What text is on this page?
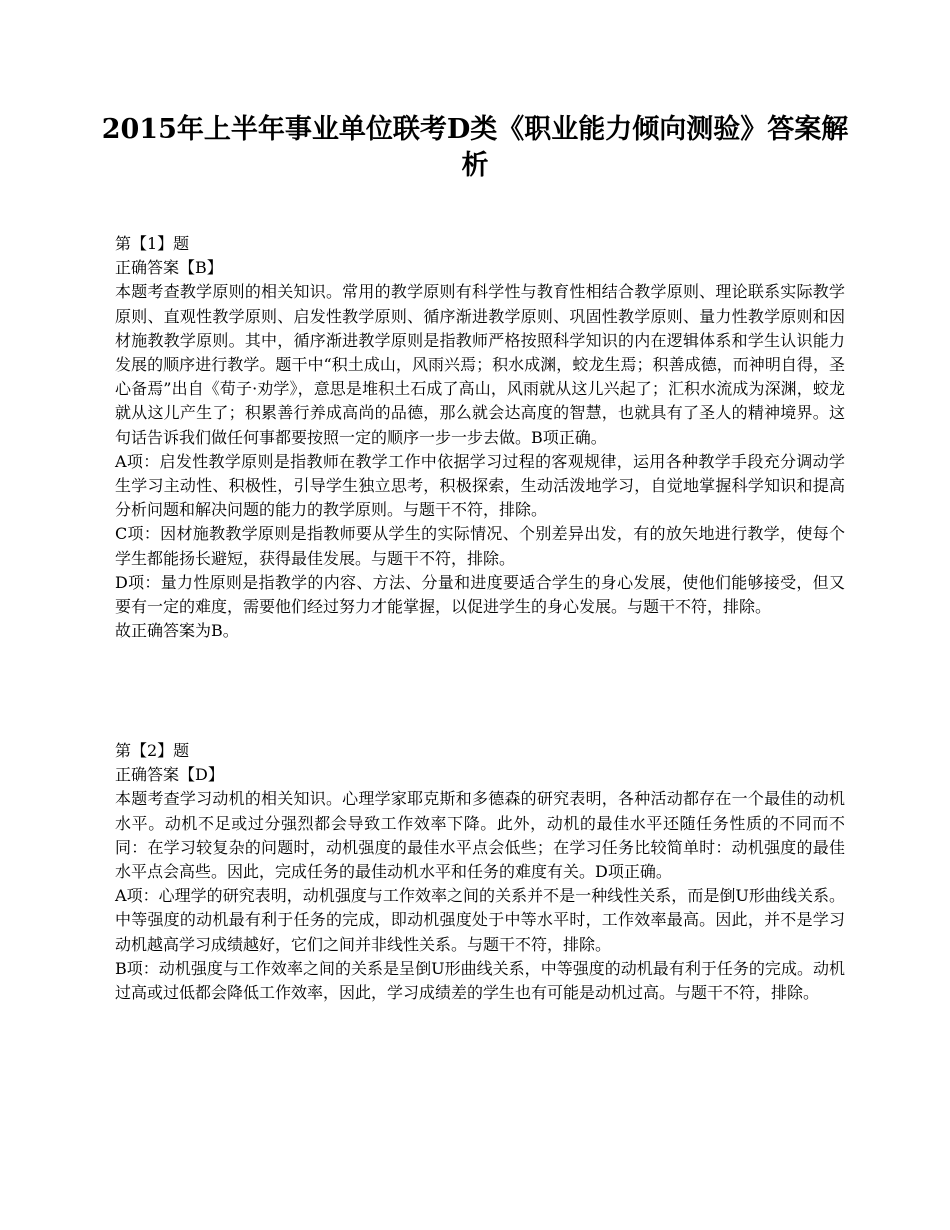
2015年上半年事业单位联考D类《职业能力倾向测验》答案解析

第【1】题

正确答案【B】

本题考查教学原则的相关知识。常用的教学原则有科学性与教育性相结合教学原则、理论联系实际教学原则、直观性教学原则、启发性教学原则、循序渐进教学原则、巩固性教学原则、量力性教学原则和因材施教教学原则。其中，循序渐进教学原则是指教师严格按照科学知识的内在逻辑体系和学生认识能力发展的顺序进行教学。题干中“积土成山，风雨兴焉；积水成渊，蛟龙生焉；积善成德，而神明自得，圣心备焉”出自《荀子·劝学》，意思是堆积土石成了高山，风雨就从这儿兴起了；汇积水流成为深渊，蛟龙就从这儿产生了；积累善行养成高尚的品德，那么就会达高度的智慧，也就具有了圣人的精神境界。这句话告诉我们做任何事都要按照一定的顺序一步一步去做。B项正确。

A项：启发性教学原则是指教师在教学工作中依据学习过程的客观规律，运用各种教学手段充分调动学生学习主动性、积极性，引导学生独立思考，积极探索，生动活泼地学习，自觉地掌握科学知识和提高分析问题和解决问题的能力的教学原则。与题干不符，排除。

C项：因材施教教学原则是指教师要从学生的实际情况、个别差异出发，有的放矢地进行教学，使每个学生都能扬长避短，获得最佳发展。与题干不符，排除。

D项：量力性原则是指教学的内容、方法、分量和进度要适合学生的身心发展，使他们能够接受，但又要有一定的难度，需要他们经过努力才能掌握，以促进学生的身心发展。与题干不符，排除。

故正确答案为B。

第【2】题

正确答案【D】

本题考查学习动机的相关知识。心理学家耶克斯和多德森的研究表明，各种活动都存在一个最佳的动机水平。动机不足或过分强烈都会导致工作效率下降。此外，动机的最佳水平还随任务性质的不同而不同：在学习较复杂的问题时，动机强度的最佳水平点会低些；在学习任务比较简单时：动机强度的最佳水平点会高些。因此，完成任务的最佳动机水平和任务的难度有关。D项正确。

A项：心理学的研究表明，动机强度与工作效率之间的关系并不是一种线性关系，而是倒U形曲线关系。中等强度的动机最有利于任务的完成，即动机强度处于中等水平时，工作效率最高。因此，并不是学习动机越高学习成绩越好，它们之间并非线性关系。与题干不符，排除。

B项：动机强度与工作效率之间的关系是呈倒U形曲线关系，中等强度的动机最有利于任务的完成。动机过高或过低都会降低工作效率，因此，学习成绩差的学生也有可能是动机过高。与题干不符，排除。
